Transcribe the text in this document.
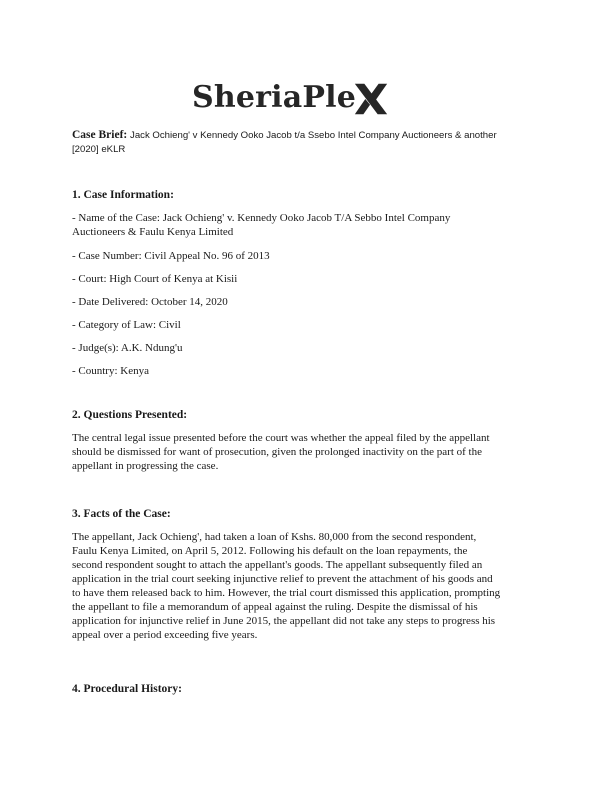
SheriaPle
Case Brief: Jack Ochieng' v Kennedy Ooko Jacob t/a Ssebo Intel Company Auctioneers & another
[2020] eKLR
1. Case Information:
- Name of the Case: Jack Ochieng' v. Kennedy Ooko Jacob T/A Sebbo Intel Company
Auctioneers & Faulu Kenya Limited
- Case Number: Civil Appeal No. 96 of 2013
- Court: High Court of Kenya at Kisii
- Date Delivered: October 14, 2020
- Category of Law: Civil
- Judge(s): A.K. Ndung'u
- Country: Kenya
2. Questions Presented:
The central legal issue presented before the court was whether the appeal filed by the appellant
should be dismissed for want of prosecution, given the prolonged inactivity on the part of the
appellant in progressing the case.
3. Facts of the Case:
The appellant, Jack Ochieng', had taken a loan of Kshs. 80,000 from the second respondent,
Faulu Kenya Limited, on April 5, 2012. Following his default on the loan repayments, the
second respondent sought to attach the appellant's goods. The appellant subsequently filed an
application in the trial court seeking injunctive relief to prevent the attachment of his goods and
to have them released back to him. However, the trial court dismissed this application, prompting
the appellant to file a memorandum of appeal against the ruling. Despite the dismissal of his
application for injunctive relief in June 2015, the appellant did not take any steps to progress his
appeal over a period exceeding five years.
4. Procedural History:
